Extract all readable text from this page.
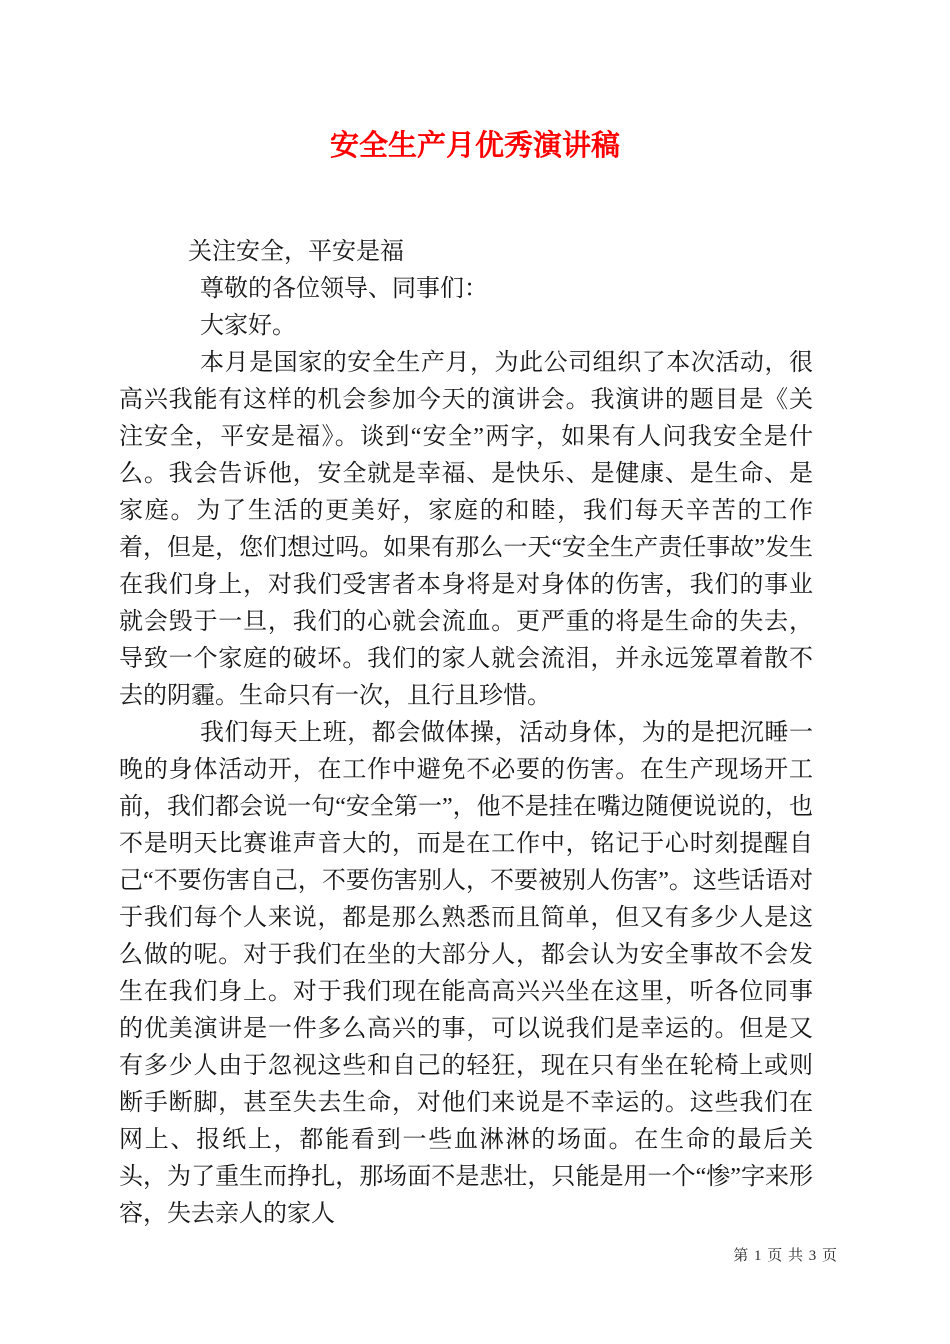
安全生产月优秀演讲稿

关注安全，平安是福

尊敬的各位领导、同事们：

大家好。

本月是国家的安全生产月，为此公司组织了本次活动，很高兴我能有这样的机会参加今天的演讲会。我演讲的题目是《关注安全，平安是福》。谈到“安全”两字，如果有人问我安全是什么。我会告诉他，安全就是幸福、是快乐、是健康、是生命、是家庭。为了生活的更美好，家庭的和睦，我们每天辛苦的工作着，但是，您们想过吗。如果有那么一天“安全生产责任事故”发生在我们身上，对我们受害者本身将是对身体的伤害，我们的事业就会毁于一旦，我们的心就会流血。更严重的将是生命的失去，导致一个家庭的破坏。我们的家人就会流泪，并永远笼罩着散不去的阴霾。生命只有一次，且行且珍惜。

我们每天上班，都会做体操，活动身体，为的是把沉睡一晚的身体活动开，在工作中避免不必要的伤害。在生产现场开工前，我们都会说一句“安全第一”，他不是挂在嘴边随便说说的，也不是明天比赛谁声音大的，而是在工作中，铭记于心时刻提醒自己“不要伤害自己，不要伤害别人，不要被别人伤害”。这些话语对于我们每个人来说，都是那么熟悉而且简单，但又有多少人是这么做的呢。对于我们在坐的大部分人，都会认为安全事故不会发生在我们身上。对于我们现在能高高兴兴坐在这里，听各位同事的优美演讲是一件多么高兴的事，可以说我们是幸运的。但是又有多少人由于忽视这些和自己的轻狂，现在只有坐在轮椅上或则断手断脚，甚至失去生命，对他们来说是不幸运的。这些我们在网上、报纸上，都能看到一些血淋淋的场面。在生命的最后关头，为了重生而挣扎，那场面不是悲壮，只能是用一个“惨”字来形容，失去亲人的家人

第 1 页 共 3 页
